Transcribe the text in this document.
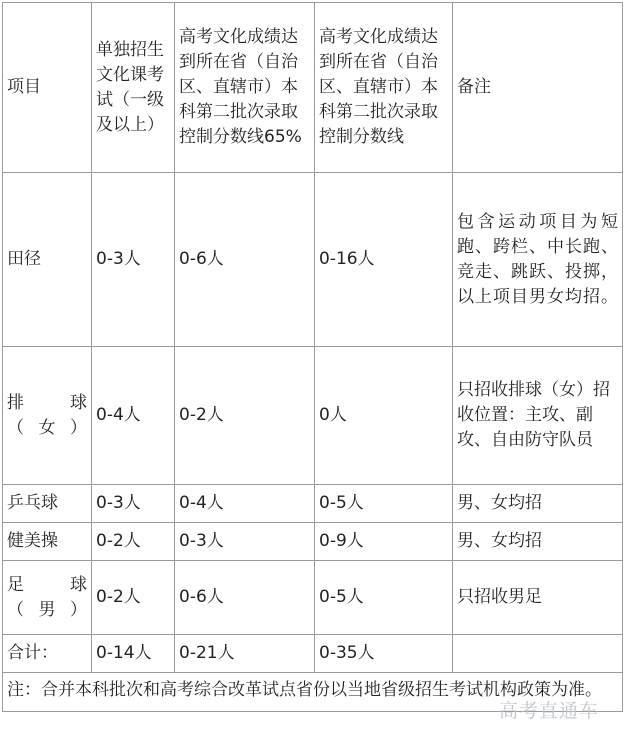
项目	单独招生文化课考试（一级及以上）	高考文化成绩达到所在省（自治区、直辖市）本科第二批次录取控制分数线65%	高考文化成绩达到所在省（自治区、直辖市）本科第二批次录取控制分数线	备注
田径	0-3人	0-6人	0-16人	包含运动项目为短跑、跨栏、中长跑、竞走、跳跃、投掷，以上项目男女均招。
排　球（女）	0-4人	0-2人	0人	只招收排球（女）招收位置：主攻、副攻、自由防守队员
乒乓球	0-3人	0-4人	0-5人	男、女均招
健美操	0-2人	0-3人	0-9人	男、女均招
足　球（男）	0-2人	0-6人	0-5人	只招收男足
合计：	0-14人	0-21人	0-35人	
注：合并本科批次和高考综合改革试点省份以当地省级招生考试机构政策为准。				
高考直通车
